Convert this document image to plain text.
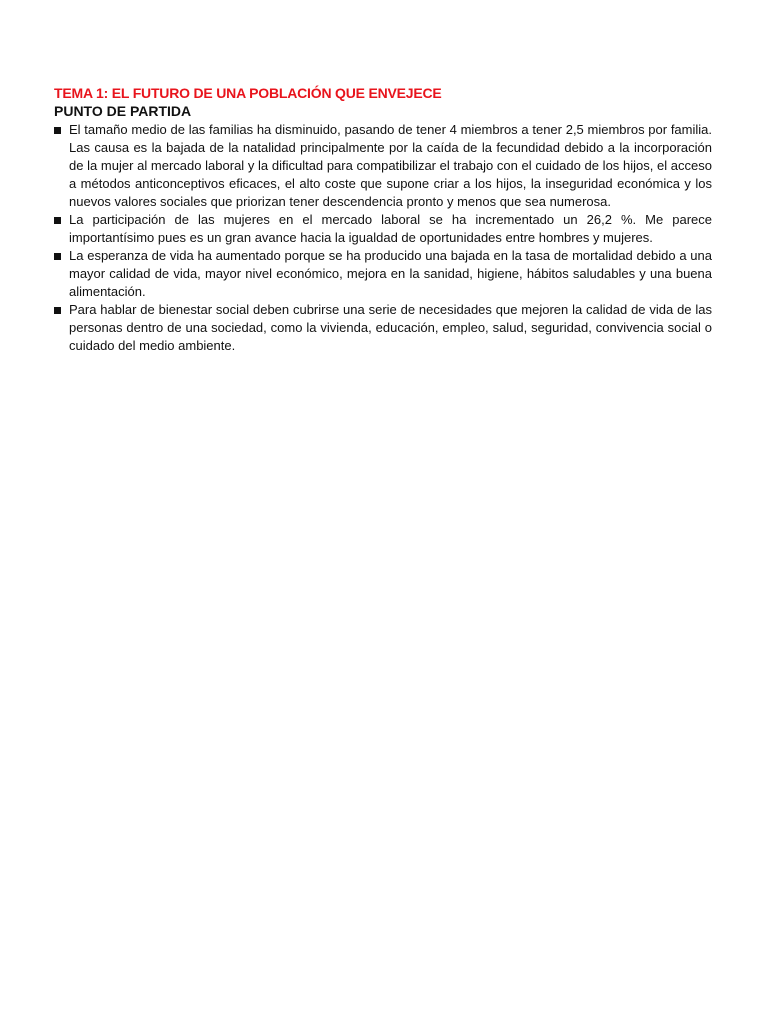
TEMA 1: EL FUTURO DE UNA POBLACIÓN QUE ENVEJECE
PUNTO DE PARTIDA
El tamaño medio de las familias ha disminuido, pasando de tener 4 miembros a tener 2,5 miembros por familia. Las causa es la bajada de la natalidad principalmente por la caída de la fecundidad debido a la incorporación de la mujer al mercado laboral y la dificultad para compatibilizar el trabajo con el cuidado de los hijos, el acceso a métodos anticonceptivos eficaces, el alto coste que supone criar a los hijos, la inseguridad económica y los nuevos valores sociales que priorizan tener descendencia pronto y menos que sea numerosa.
La participación de las mujeres en el mercado laboral se ha incrementado un 26,2 %. Me parece importantísimo pues es un gran avance hacia la igualdad de oportunidades entre hombres y mujeres.
La esperanza de vida ha aumentado porque se ha producido una bajada en la tasa de mortalidad debido a una mayor calidad de vida, mayor nivel económico, mejora en la sanidad, higiene, hábitos saludables y una buena alimentación.
Para hablar de bienestar social deben cubrirse una serie de necesidades que mejoren la calidad de vida de las personas dentro de una sociedad, como la vivienda, educación, empleo, salud, seguridad, convivencia social o cuidado del medio ambiente.
